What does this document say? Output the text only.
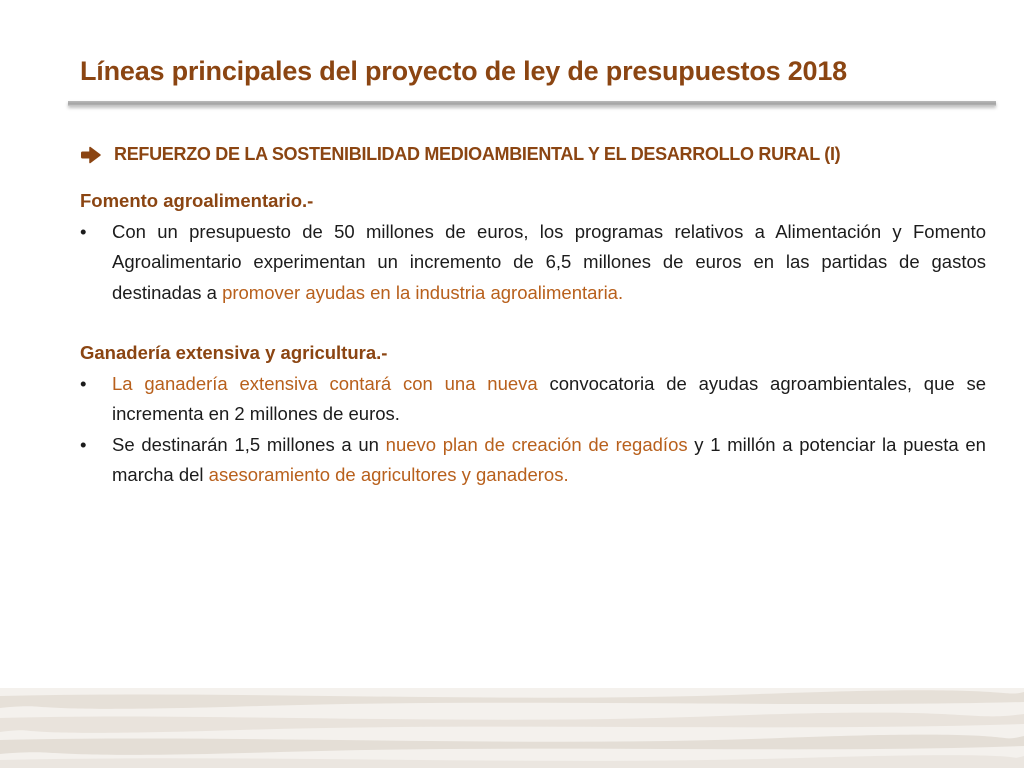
Líneas principales del proyecto de ley de presupuestos 2018
REFUERZO DE LA SOSTENIBILIDAD MEDIOAMBIENTAL Y EL DESARROLLO RURAL (I)
Fomento agroalimentario.-
•	Con un presupuesto de 50 millones de euros, los programas relativos a Alimentación y Fomento Agroalimentario experimentan un incremento de 6,5 millones de euros en las partidas de gastos destinadas a promover ayudas en la industria agroalimentaria.
Ganadería extensiva y agricultura.-
•	La ganadería extensiva contará con una nueva convocatoria de ayudas agroambientales, que se incrementa en 2 millones de euros.
•	Se destinarán 1,5 millones a un nuevo plan de creación de regadíos y 1 millón a potenciar la puesta en marcha del asesoramiento de agricultores y ganaderos.
